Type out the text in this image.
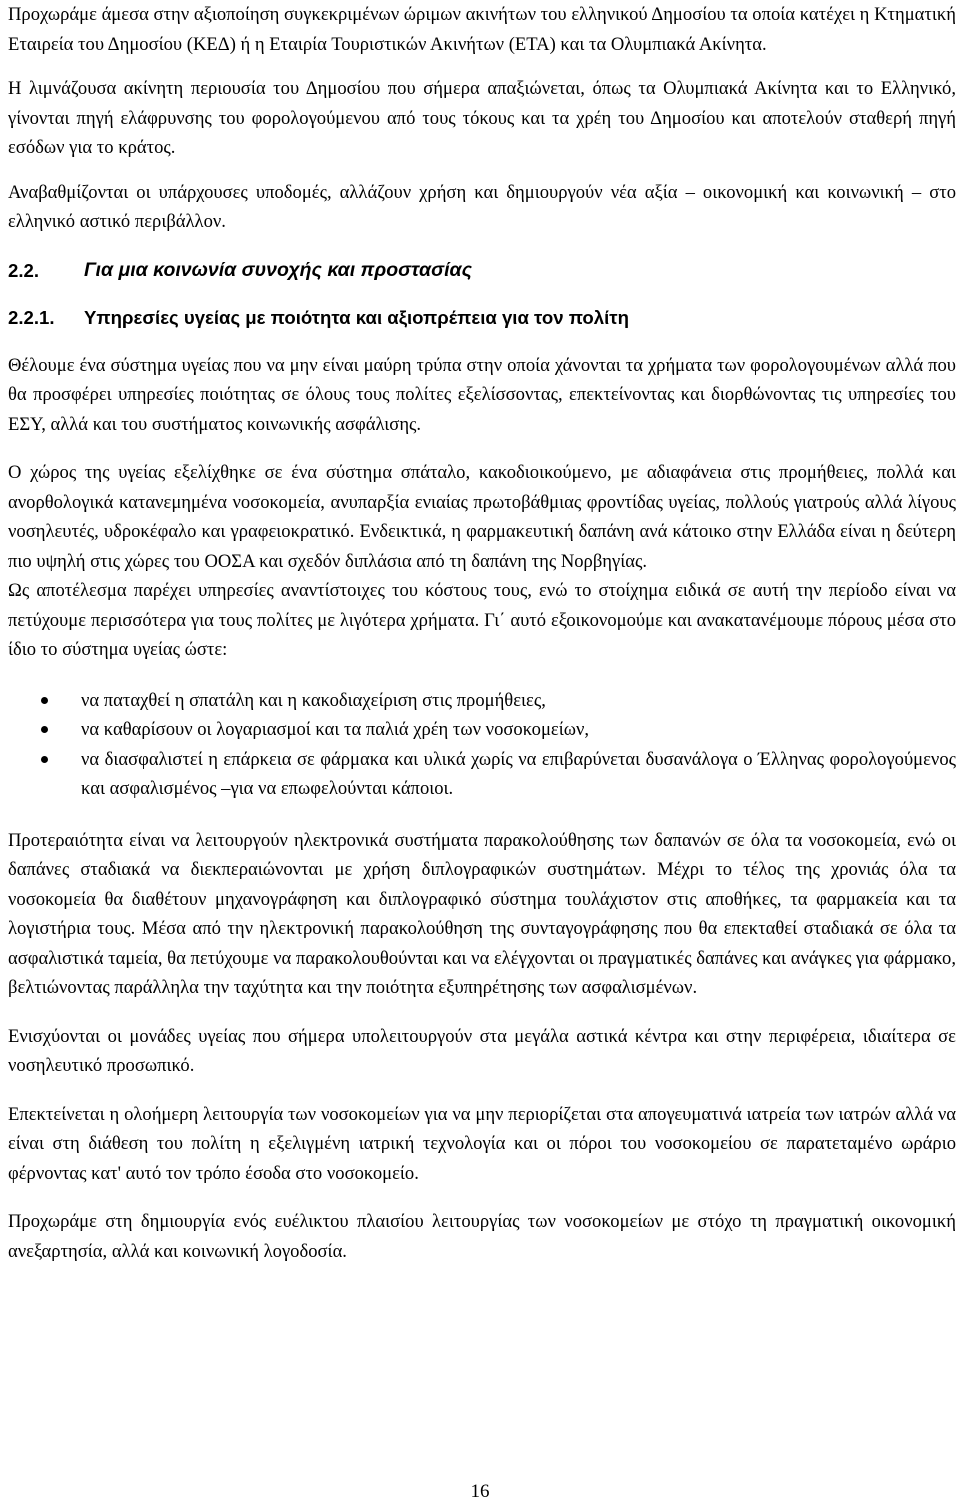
Προχωράμε άμεσα στην αξιοποίηση συγκεκριμένων ώριμων ακινήτων του ελληνικού Δημοσίου τα οποία κατέχει η Κτηματική Εταιρεία του Δημοσίου (ΚΕΔ) ή η Εταιρία Τουριστικών Ακινήτων (ΕΤΑ) και τα Ολυμπιακά Ακίνητα.

Η λιμνάζουσα ακίνητη περιουσία του Δημοσίου που σήμερα απαξιώνεται, όπως τα Ολυμπιακά Ακίνητα και το Ελληνικό, γίνονται πηγή ελάφρυνσης του φορολογούμενου από τους τόκους και τα χρέη του Δημοσίου και αποτελούν σταθερή πηγή εσόδων για το κράτος.

Αναβαθμίζονται οι υπάρχουσες υποδομές, αλλάζουν χρήση και δημιουργούν νέα αξία – οικονομική και κοινωνική – στο ελληνικό αστικό περιβάλλον.

2.2.	Για μια κοινωνία συνοχής και προστασίας
2.2.1.	Υπηρεσίες υγείας με ποιότητα και αξιοπρέπεια για τον πολίτη

Θέλουμε ένα σύστημα υγείας που να μην είναι μαύρη τρύπα στην οποία χάνονται τα χρήματα των φορολογουμένων αλλά που θα προσφέρει υπηρεσίες ποιότητας σε όλους τους πολίτες εξελίσσοντας, επεκτείνοντας και διορθώνοντας τις υπηρεσίες του ΕΣΥ, αλλά και του συστήματος κοινωνικής ασφάλισης.

Ο χώρος της υγείας εξελίχθηκε σε ένα σύστημα σπάταλο, κακοδιοικούμενο, με αδιαφάνεια στις προμήθειες, πολλά και ανορθολογικά κατανεμημένα νοσοκομεία, ανυπαρξία ενιαίας πρωτοβάθμιας φροντίδας υγείας, πολλούς γιατρούς αλλά λίγους νοσηλευτές, υδροκέφαλο και γραφειοκρατικό. Ενδεικτικά, η φαρμακευτική δαπάνη ανά κάτοικο στην Ελλάδα είναι η δεύτερη πιο υψηλή στις χώρες του ΟΟΣΑ και σχεδόν διπλάσια από τη δαπάνη της Νορβηγίας.

Ως αποτέλεσμα παρέχει υπηρεσίες αναντίστοιχες του κόστους τους, ενώ το στοίχημα ειδικά σε αυτή την περίοδο είναι να πετύχουμε περισσότερα για τους πολίτες με λιγότερα χρήματα. Γι΄ αυτό εξοικονομούμε και ανακατανέμουμε πόρους μέσα στο ίδιο το σύστημα υγείας ώστε:

να παταχθεί η σπατάλη και η κακοδιαχείριση στις προμήθειες,
να καθαρίσουν οι λογαριασμοί και τα παλιά χρέη των νοσοκομείων,
να διασφαλιστεί η επάρκεια σε φάρμακα και υλικά χωρίς να επιβαρύνεται δυσανάλογα ο Έλληνας φορολογούμενος και ασφαλισμένος –για να επωφελούνται κάποιοι.

Προτεραιότητα είναι να λειτουργούν ηλεκτρονικά συστήματα παρακολούθησης των δαπανών σε όλα τα νοσοκομεία, ενώ οι δαπάνες σταδιακά να διεκπεραιώνονται με χρήση διπλογραφικών συστημάτων. Μέχρι το τέλος της χρονιάς όλα τα νοσοκομεία θα διαθέτουν μηχανογράφηση και διπλογραφικό σύστημα τουλάχιστον στις αποθήκες, τα φαρμακεία και τα λογιστήρια τους. Μέσα από την ηλεκτρονική παρακολούθηση της συνταγογράφησης που θα επεκταθεί σταδιακά σε όλα τα ασφαλιστικά ταμεία, θα πετύχουμε να παρακολουθούνται και να ελέγχονται οι πραγματικές δαπάνες και ανάγκες για φάρμακο, βελτιώνοντας παράλληλα την ταχύτητα και την ποιότητα εξυπηρέτησης των ασφαλισμένων.

Ενισχύονται οι μονάδες υγείας που σήμερα υπολειτουργούν στα μεγάλα αστικά κέντρα και στην περιφέρεια, ιδιαίτερα σε νοσηλευτικό προσωπικό.

Επεκτείνεται η ολοήμερη λειτουργία των νοσοκομείων για να μην περιορίζεται στα απογευματινά ιατρεία των ιατρών αλλά να είναι στη διάθεση του πολίτη η εξελιγμένη ιατρική τεχνολογία και οι πόροι του νοσοκομείου σε παρατεταμένο ωράριο φέρνοντας κατ' αυτό τον τρόπο έσοδα στο νοσοκομείο.

Προχωράμε στη δημιουργία ενός ευέλικτου πλαισίου λειτουργίας των νοσοκομείων με στόχο τη πραγματική οικονομική ανεξαρτησία, αλλά και κοινωνική λογοδοσία.

16
